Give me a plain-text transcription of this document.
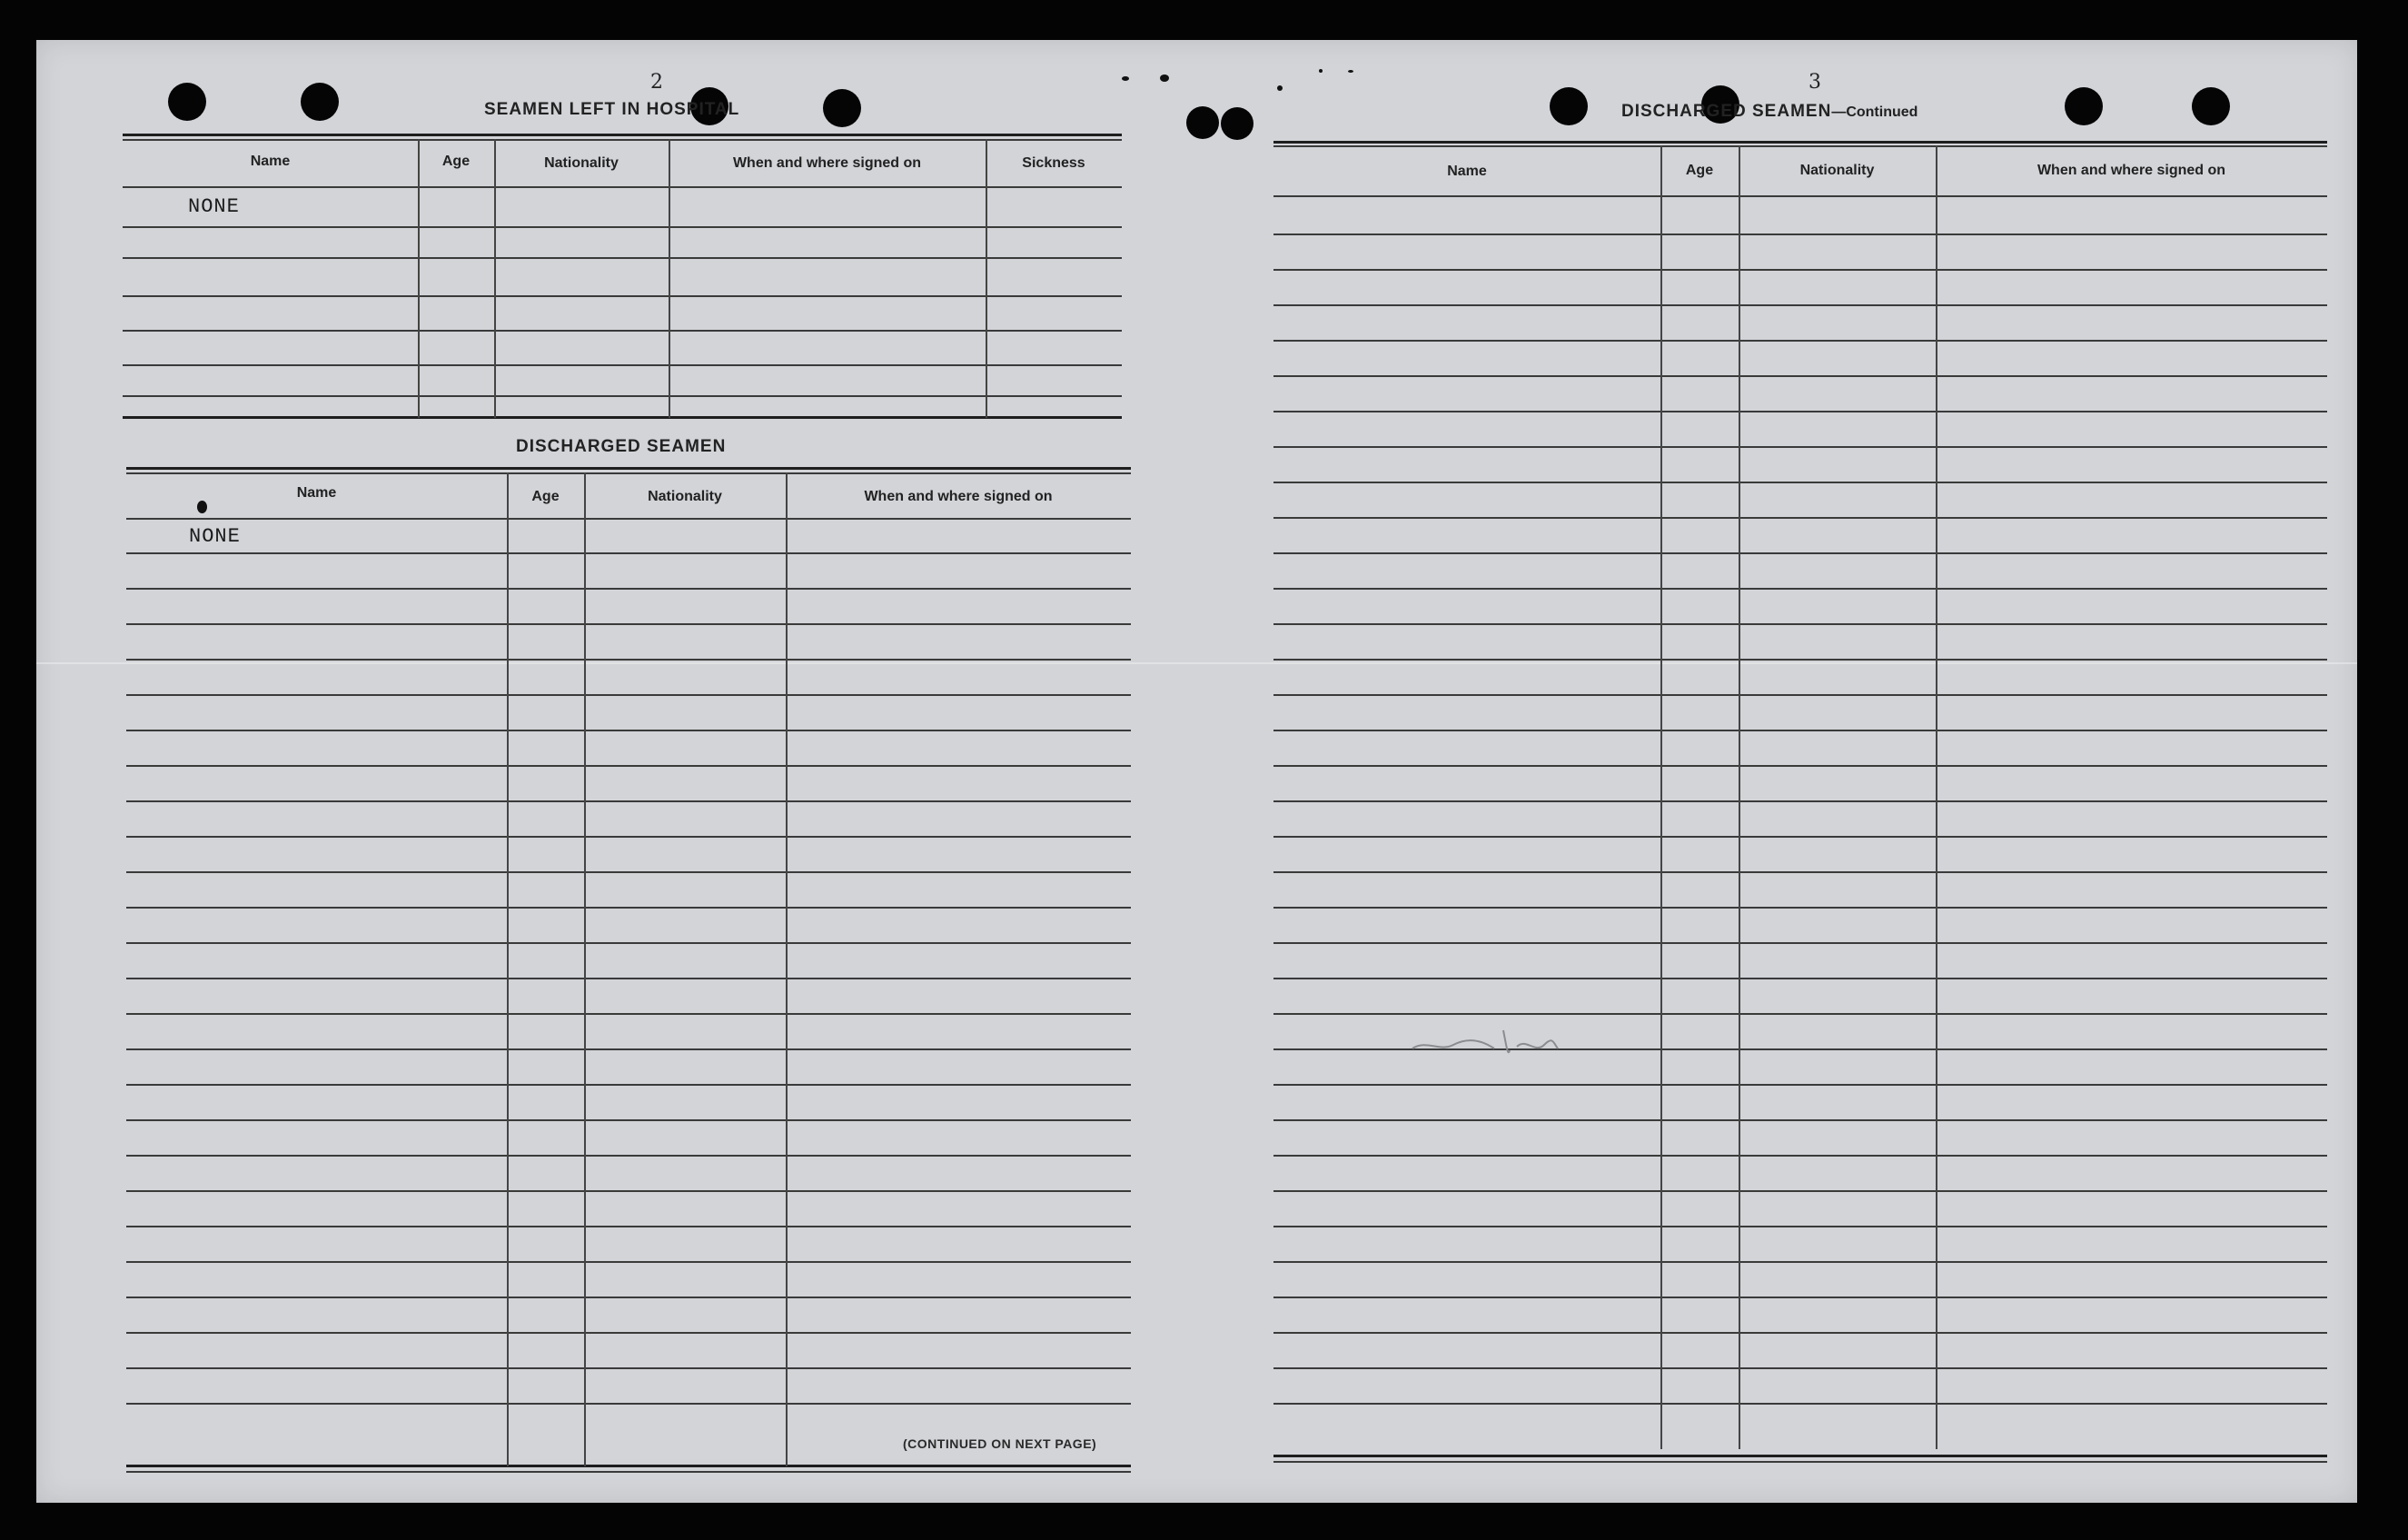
2
SEAMEN LEFT IN HOSPITAL
Name	Age	Nationality	When and where signed on	Sickness
NONE
DISCHARGED SEAMEN
Name	Age	Nationality	When and where signed on
NONE
(CONTINUED ON NEXT PAGE)
3
DISCHARGED SEAMEN—Continued
Name	Age	Nationality	When and where signed on
